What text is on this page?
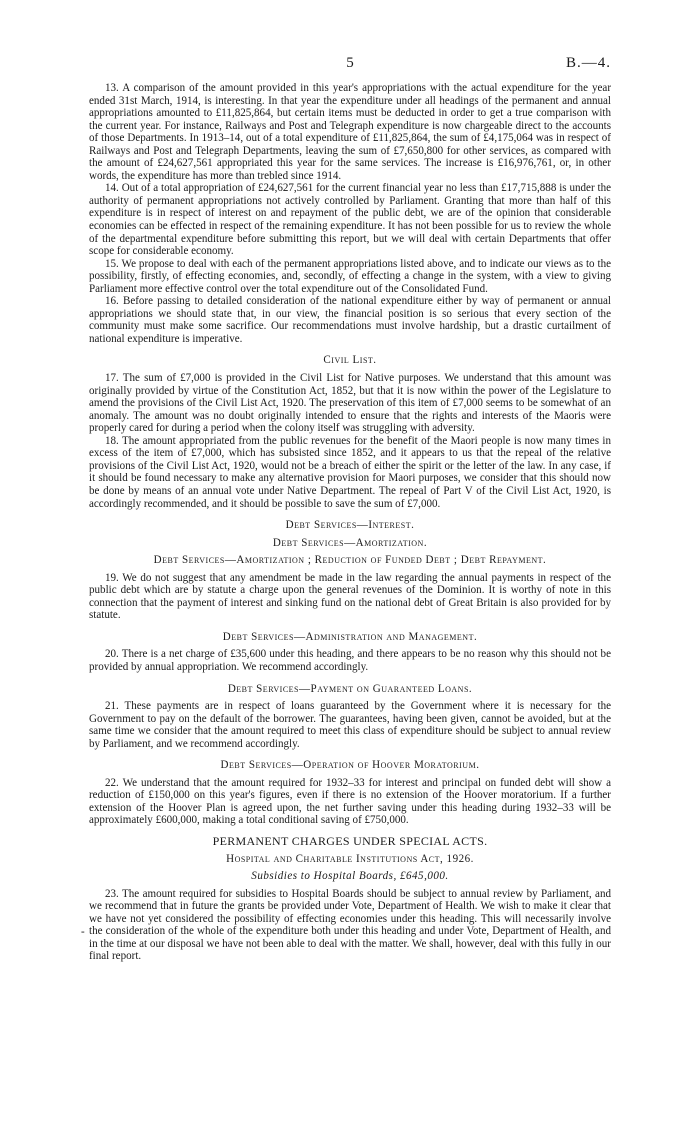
5	B.—4.

13. A comparison of the amount provided in this year's appropriations with the actual expenditure for the year ended 31st March, 1914, is interesting. In that year the expenditure under all headings of the permanent and annual appropriations amounted to £11,825,864, but certain items must be deducted in order to get a true comparison with the current year. For instance, Railways and Post and Telegraph expenditure is now chargeable direct to the accounts of those Departments. In 1913–14, out of a total expenditure of £11,825,864, the sum of £4,175,064 was in respect of Railways and Post and Telegraph Departments, leaving the sum of £7,650,800 for other services, as compared with the amount of £24,627,561 appropriated this year for the same services. The increase is £16,976,761, or, in other words, the expenditure has more than trebled since 1914.

14. Out of a total appropriation of £24,627,561 for the current financial year no less than £17,715,888 is under the authority of permanent appropriations not actively controlled by Parliament. Granting that more than half of this expenditure is in respect of interest on and repayment of the public debt, we are of the opinion that considerable economies can be effected in respect of the remaining expenditure. It has not been possible for us to review the whole of the departmental expenditure before submitting this report, but we will deal with certain Departments that offer scope for considerable economy.

15. We propose to deal with each of the permanent appropriations listed above, and to indicate our views as to the possibility, firstly, of effecting economies, and, secondly, of effecting a change in the system, with a view to giving Parliament more effective control over the total expenditure out of the Consolidated Fund.

16. Before passing to detailed consideration of the national expenditure either by way of permanent or annual appropriations we should state that, in our view, the financial position is so serious that every section of the community must make some sacrifice. Our recommendations must involve hardship, but a drastic curtailment of national expenditure is imperative.

Civil List.

17. The sum of £7,000 is provided in the Civil List for Native purposes. We understand that this amount was originally provided by virtue of the Constitution Act, 1852, but that it is now within the power of the Legislature to amend the provisions of the Civil List Act, 1920. The preservation of this item of £7,000 seems to be somewhat of an anomaly. The amount was no doubt originally intended to ensure that the rights and interests of the Maoris were properly cared for during a period when the colony itself was struggling with adversity.

18. The amount appropriated from the public revenues for the benefit of the Maori people is now many times in excess of the item of £7,000, which has subsisted since 1852, and it appears to us that the repeal of the relative provisions of the Civil List Act, 1920, would not be a breach of either the spirit or the letter of the law. In any case, if it should be found necessary to make any alternative provision for Maori purposes, we consider that this should now be done by means of an annual vote under Native Department. The repeal of Part V of the Civil List Act, 1920, is accordingly recommended, and it should be possible to save the sum of £7,000.

Debt Services—Interest.
Debt Services—Amortization.
Debt Services—Amortization ; Reduction of Funded Debt ; Debt Repayment.

19. We do not suggest that any amendment be made in the law regarding the annual payments in respect of the public debt which are by statute a charge upon the general revenues of the Dominion. It is worthy of note in this connection that the payment of interest and sinking fund on the national debt of Great Britain is also provided for by statute.

Debt Services—Administration and Management.

20. There is a net charge of £35,600 under this heading, and there appears to be no reason why this should not be provided by annual appropriation. We recommend accordingly.

Debt Services—Payment on Guaranteed Loans.

21. These payments are in respect of loans guaranteed by the Government where it is necessary for the Government to pay on the default of the borrower. The guarantees, having been given, cannot be avoided, but at the same time we consider that the amount required to meet this class of expenditure should be subject to annual review by Parliament, and we recommend accordingly.

Debt Services—Operation of Hoover Moratorium.

22. We understand that the amount required for 1932–33 for interest and principal on funded debt will show a reduction of £150,000 on this year's figures, even if there is no extension of the Hoover moratorium. If a further extension of the Hoover Plan is agreed upon, the net further saving under this heading during 1932–33 will be approximately £600,000, making a total conditional saving of £750,000.

PERMANENT CHARGES UNDER SPECIAL ACTS.
Hospital and Charitable Institutions Act, 1926.
Subsidies to Hospital Boards, £645,000.
-

23. The amount required for subsidies to Hospital Boards should be subject to annual review by Parliament, and we recommend that in future the grants be provided under Vote, Department of Health. We wish to make it clear that we have not yet considered the possibility of effecting economies under this heading. This will necessarily involve the consideration of the whole of the expenditure both under this heading and under Vote, Department of Health, and in the time at our disposal we have not been able to deal with the matter. We shall, however, deal with this fully in our final report.
